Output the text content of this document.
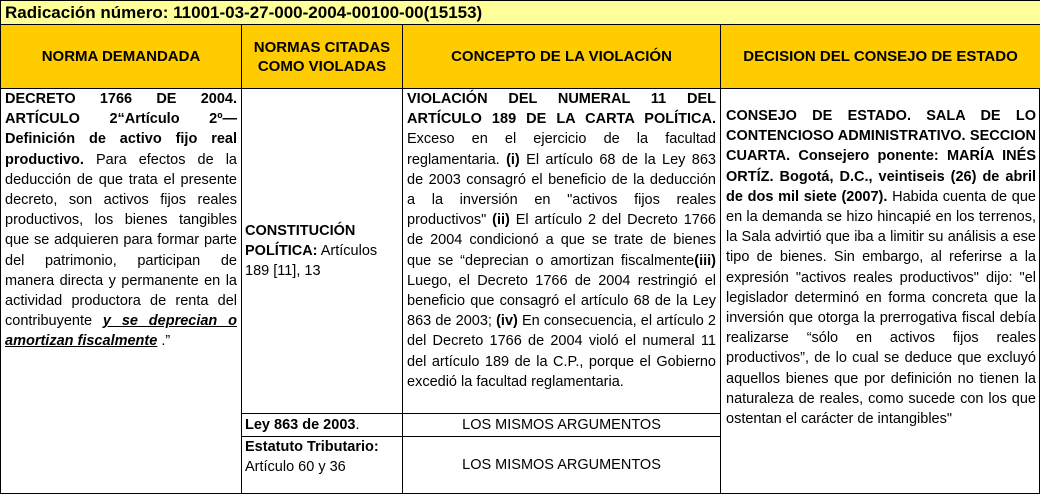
Radicación número: 11001-03-27-000-2004-00100-00(15153)
NORMA DEMANDADA
NORMAS CITADAS COMO VIOLADAS
CONCEPTO DE LA VIOLACIÓN	DECISION DEL CONSEJO DE ESTADO
DECRETO 1766 DE 2004. ARTÍCULO 2“Artículo 2º—Definición de activo fijo real productivo. Para efectos de la deducción de que trata el presente decreto, son activos fijos reales productivos, los bienes tangibles que se adquieren para formar parte del patrimonio, participan de manera directa y permanente en la actividad productora de renta del contribuyente y se deprecian o amortizan fiscalmente .”
CONSTITUCIÓN POLÍTICA: Artículos 189 [11], 13
Ley 863 de 2003.
Estatuto Tributario:
Artículo 60 y 36
VIOLACIÓN DEL NUMERAL 11 DEL ARTÍCULO 189 DE LA CARTA POLÍTICA. Exceso en el ejercicio de la facultad reglamentaria. (i) El artículo 68 de la Ley 863 de 2003 consagró el beneficio de la deducción a la inversión en "activos fijos reales productivos" (ii) El artículo 2 del Decreto 1766 de 2004 condicionó a que se trate de bienes que se “deprecian o amortizan fiscalmente(iii) Luego, el Decreto 1766 de 2004 restringió el beneficio que consagró el artículo 68 de la Ley 863 de 2003; (iv) En consecuencia, el artículo 2 del Decreto 1766 de 2004 violó el numeral 11 del artículo 189 de la C.P., porque el Gobierno excedió la facultad reglamentaria.
LOS MISMOS ARGUMENTOS
LOS MISMOS ARGUMENTOS
CONSEJO DE ESTADO. SALA DE LO CONTENCIOSO ADMINISTRATIVO. SECCION CUARTA. Consejero ponente: MARÍA INÉS ORTÍZ. Bogotá, D.C., veintiseis (26) de abril de dos mil siete (2007). Habida cuenta de que en la demanda se hizo hincapié en los terrenos, la Sala advirtió que iba a limitir su análisis a ese tipo de bienes. Sin embargo, al referirse a la expresión "activos reales productivos" dijo: "el legislador determinó en forma concreta que la inversión que otorga la prerrogativa fiscal debía realizarse “sólo en activos fijos reales productivos”, de lo cual se deduce que excluyó aquellos bienes que por definición no tienen la naturaleza de reales, como sucede con los que ostentan el carácter de intangibles"
